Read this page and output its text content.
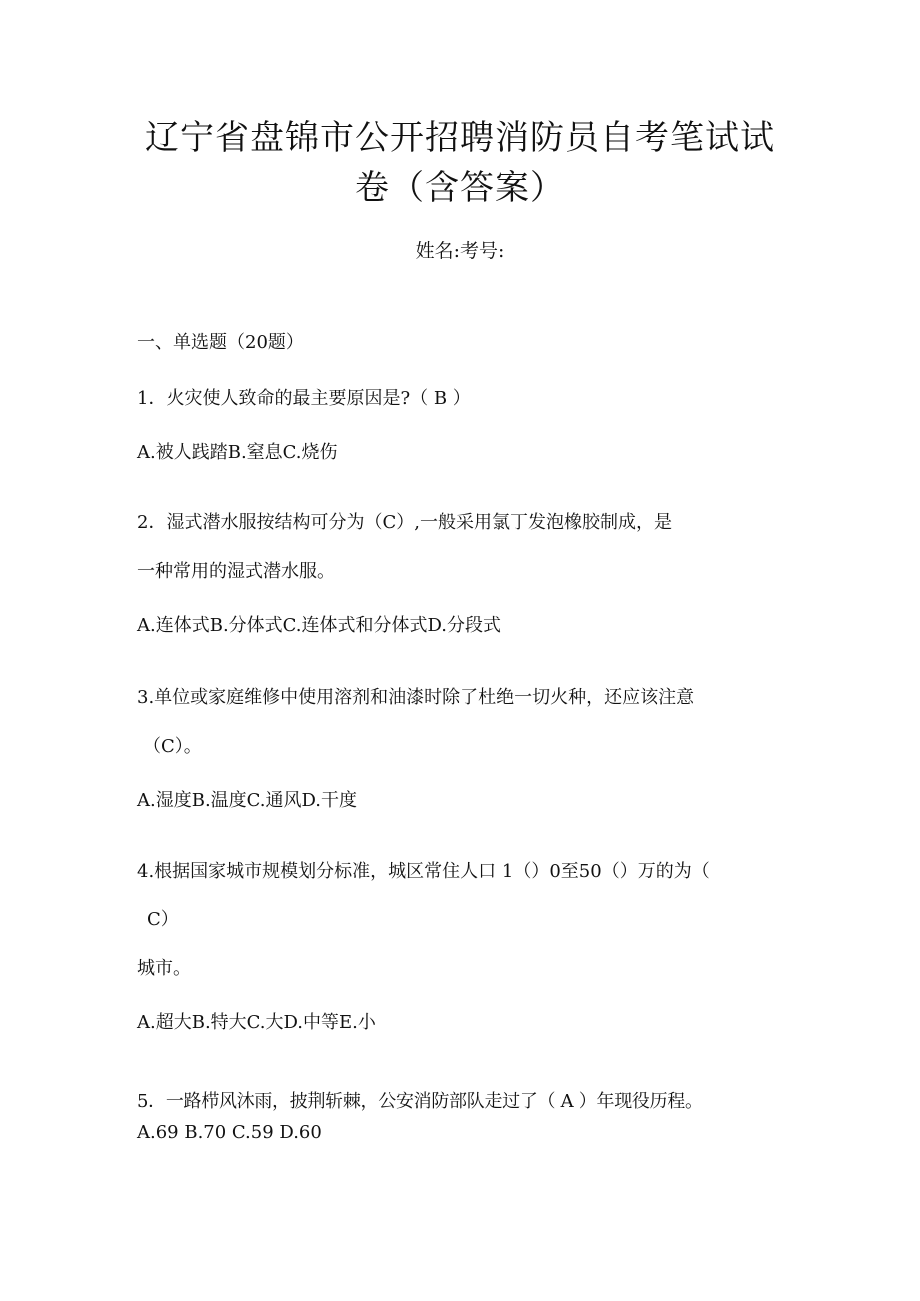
辽宁省盘锦市公开招聘消防员自考笔试试
卷（含答案）
姓名:考号:
一、单选题（20题）
1．火灾使人致命的最主要原因是?（ B ）
A.被人践踏B.窒息C.烧伤
2．湿式潜水服按结构可分为（C）,一般采用氯丁发泡橡胶制成，是
一种常用的湿式潜水服。
A.连体式B.分体式C.连体式和分体式D.分段式
3.单位或家庭维修中使用溶剂和油漆时除了杜绝一切火种，还应该注意
（C）。
A.湿度B.温度C.通风D.干度
4.根据国家城市规模划分标准，城区常住人口 1（）0至50（）万的为（
C）
城市。
A.超大B.特大C.大D.中等E.小
5．一路栉风沐雨，披荆斩棘，公安消防部队走过了（ A ）年现役历程。
A.69 B.70 C.59 D.60
